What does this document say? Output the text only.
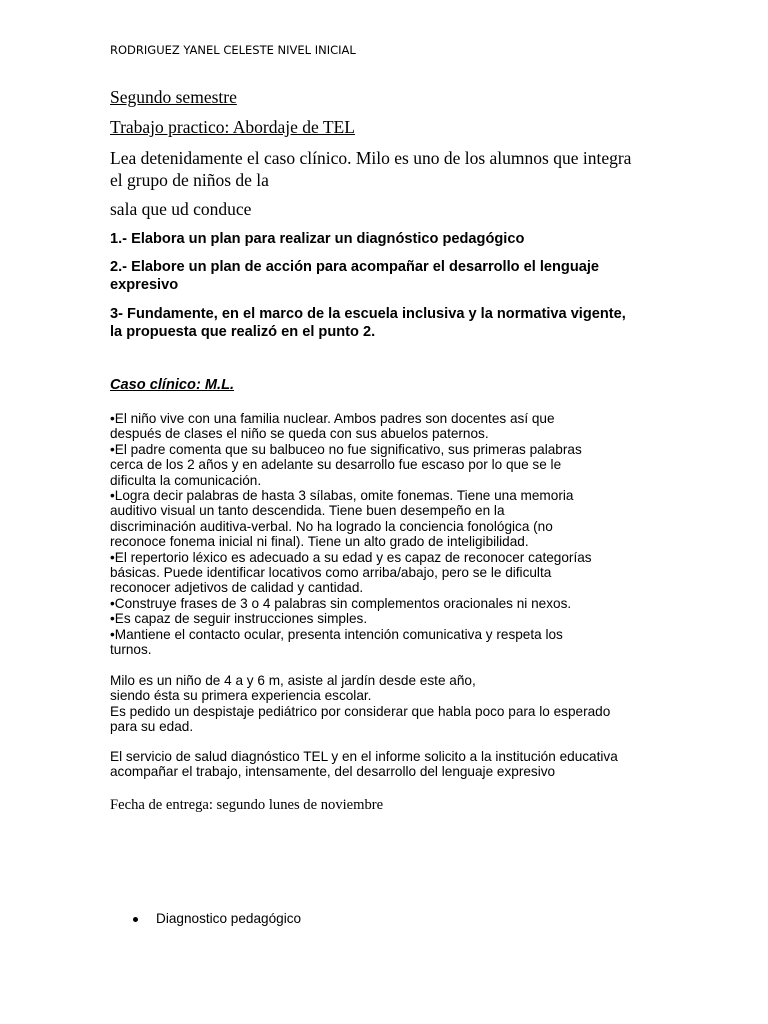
RODRIGUEZ YANEL CELESTE NIVEL INICIAL

Segundo semestre

Trabajo practico: Abordaje de TEL

Lea detenidamente el caso clínico. Milo es uno de los alumnos que integra

el grupo de niños de la

sala que ud conduce

1.- Elabora un plan para realizar un diagnóstico pedagógico

2.- Elabore un plan de acción para acompañar el desarrollo el lenguaje

expresivo

3- Fundamente, en el marco de la escuela inclusiva y la normativa vigente,

la propuesta que realizó en el punto 2.

Caso clínico: M.L.

•El niño vive con una familia nuclear. Ambos padres son docentes así que
después de clases el niño se queda con sus abuelos paternos.
•El padre comenta que su balbuceo no fue significativo, sus primeras palabras
cerca de los 2 años y en adelante su desarrollo fue escaso por lo que se le
dificulta la comunicación.
•Logra decir palabras de hasta 3 sílabas, omite fonemas. Tiene una memoria
auditivo visual un tanto descendida. Tiene buen desempeño en la
discriminación auditiva-verbal. No ha logrado la conciencia fonológica (no
reconoce fonema inicial ni final). Tiene un alto grado de inteligibilidad.
•El repertorio léxico es adecuado a su edad y es capaz de reconocer categorías
básicas. Puede identificar locativos como arriba/abajo, pero se le dificulta
reconocer adjetivos de calidad y cantidad.
•Construye frases de 3 o 4 palabras sin complementos oracionales ni nexos.
•Es capaz de seguir instrucciones simples.
•Mantiene el contacto ocular, presenta intención comunicativa y respeta los
turnos.
Milo es un niño de 4 a y 6 m, asiste al jardín desde este año,
siendo ésta su primera experiencia escolar.
Es pedido un despistaje pediátrico por considerar que habla poco para lo esperado
para su edad.
El servicio de salud diagnóstico TEL y en el informe solicito a la institución educativa
acompañar el trabajo, intensamente, del desarrollo del lenguaje expresivo

Fecha de entrega: segundo lunes de noviembre

Diagnostico pedagógico
